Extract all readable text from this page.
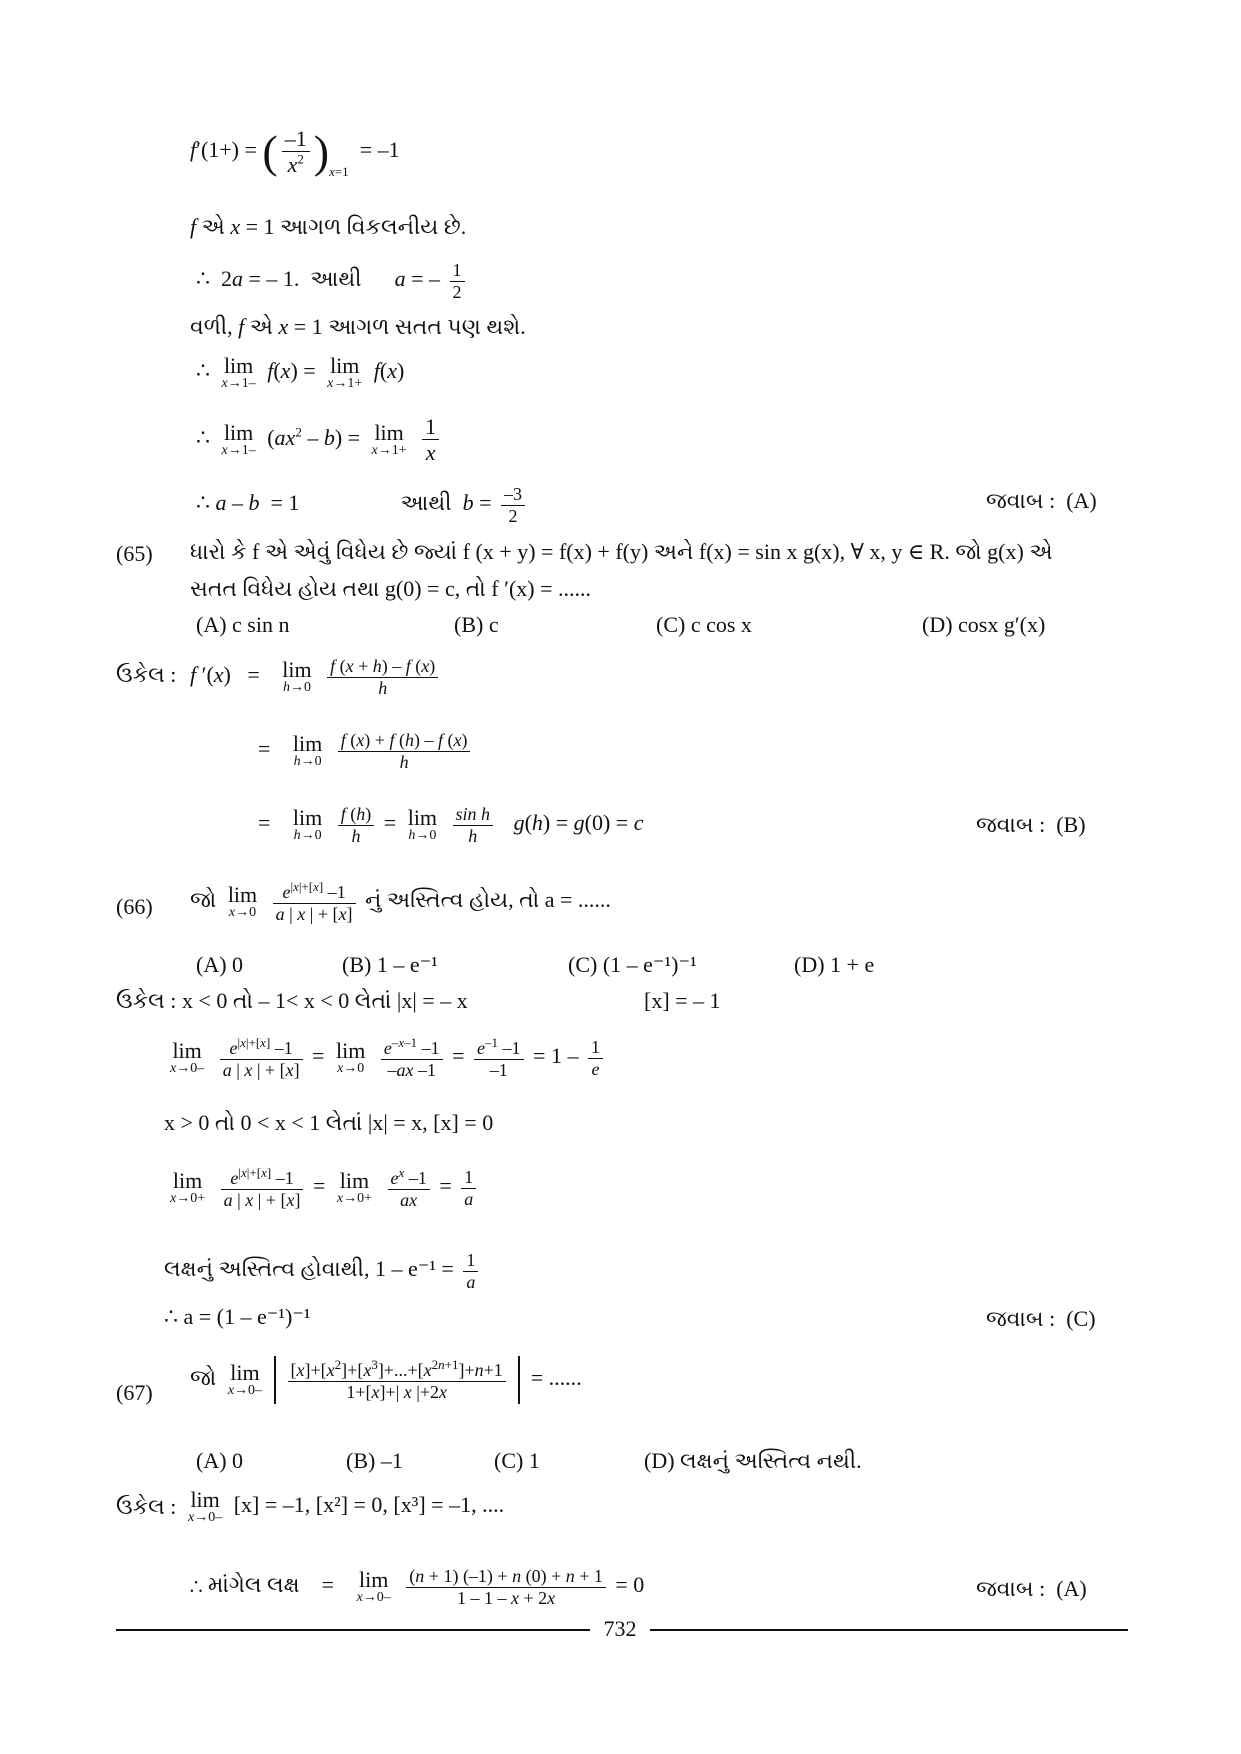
f′(1+) = ( $\frac{-1}{x^2} )_{x=1} = -1$
f એ x = 1 આગળ વિકલનીય છે.
∴  2a = – 1.  આથી a = – $\frac{1}{2}$
વળી, f એ x = 1 આગળ સતત પણ થશે.
∴ lim
x→1–
f(x) = lim
x→1+
f(x)
∴ lim
x→1–
$(ax^2 - b) = \lim$
x→1+
$\frac{1}{x}$
∴ a – b  = 1	આથી $b = \frac{-3}{2}$	જવાબ :  (A)
(65) ધારો કે f એ એવું વિધેય છે જ્યાં f (x + y) = f(x) + f(y) અને f(x) = sin x g(x), ∀ x, y ∈ R. જો g(x) એ
સતત વિધેય હોય તથા g(0) = c, તો f ′(x) = ......
(A) c sin n	(B) c	(C) c cos x	(D) cosx g′(x)
ઉકેલ : f ′(x)   = lim
h→0
$\frac{f (x + h) - f (x)}{h}$
= lim
h→0
$\frac{f (x) + f (h) - f (x)}{h}$
= lim
h→0
$\frac{f (h)}{h} = \lim$
h→0
$\frac{\text{sin h}}{h} g(h) = g(0) = c$	જવાબ :  (B)
(66) જો lim
x→0
$\frac{e^{|x|+[x]} -1}{a | x | + [x]}$ નું અસ્તિત્વ હોય, તો a = ......
(A) 0	(B) 1 – e⁻¹	(C) (1 – e⁻¹)⁻¹	(D) 1 + e
ઉકેલ : x < 0 તો – 1< x < 0 લેતાં |x| = – x	[x] = – 1
lim
x→0–
$\frac{e^{|x|+[x]} -1}{a | x | + [x]} = \lim$
x→0
$\frac{e^{-x-1} -1}{-ax -1} = \frac{e^{-1} -1}{-1} = 1 - \frac{1}{e}$
x > 0 તો 0 < x < 1 લેતાં |x| = x, [x] = 0
lim
x→0+
$\frac{e^{|x|+[x]} -1}{a | x | + [x]} = \lim$
x→0+
$\frac{e^x -1}{ax} = \frac{1}{a}$
લક્ષનું અસ્તિત્વ હોવાથી, $1 - e^{-1} = \frac{1}{a}$
∴ a = (1 – e⁻¹)⁻¹	જવાબ :  (C)
(67)
જો lim
x→0–
$\frac{[x]+[x^2]+[x^3]+...+[x^{2n+1}]+n+1}{1+[x]+| x |+2x}$ = ......
(A) 0	(B) –1	(C) 1	(D) લક્ષનું અસ્તિત્વ નથી.
ઉકેલ : lim
x→0–
[x] = –1, [x²] = 0, [x³] = –1, ....
∴ માંગેલ લક્ષ    = lim
x→0–
$\frac{(n + 1) (-1) + n (0) + n + 1}{1 - 1 - x + 2x} = 0$	જવાબ :  (A)
732
